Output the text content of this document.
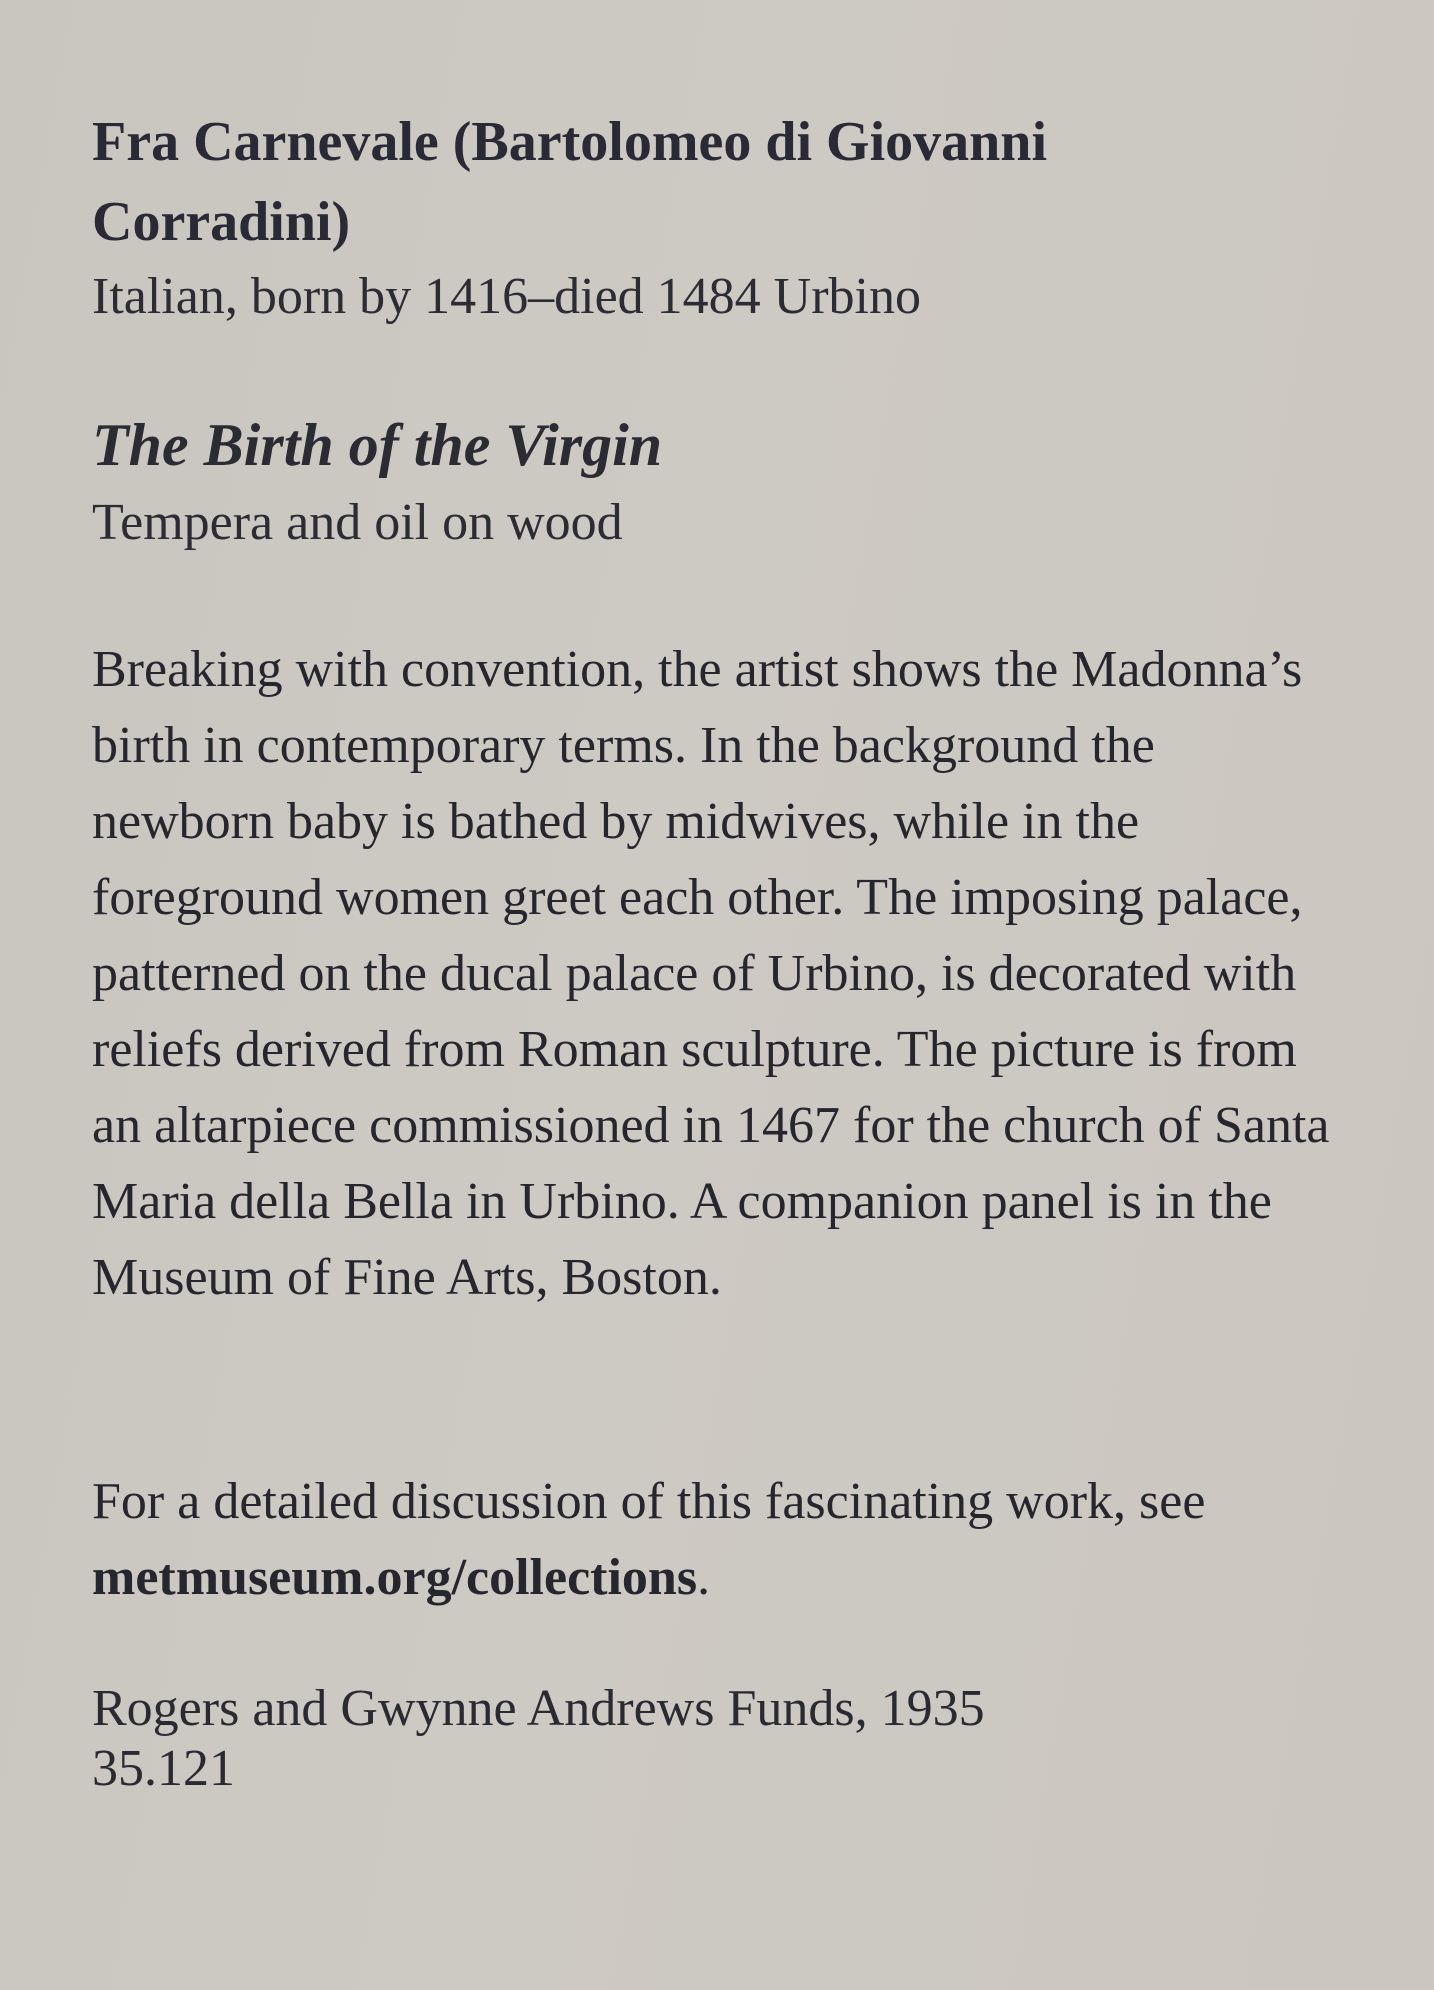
Fra Carnevale (Bartolomeo di Giovanni Corradini)

Italian, born by 1416–died 1484 Urbino

The Birth of the Virgin

Tempera and oil on wood

Breaking with convention, the artist shows the Madonna’s birth in contemporary terms. In the background the newborn baby is bathed by midwives, while in the foreground women greet each other. The imposing palace, patterned on the ducal palace of Urbino, is decorated with reliefs derived from Roman sculpture. The picture is from an altarpiece commissioned in 1467 for the church of Santa Maria della Bella in Urbino. A companion panel is in the Museum of Fine Arts, Boston.

For a detailed discussion of this fascinating work, see metmuseum.org/collections.

Rogers and Gwynne Andrews Funds, 1935

35.121
